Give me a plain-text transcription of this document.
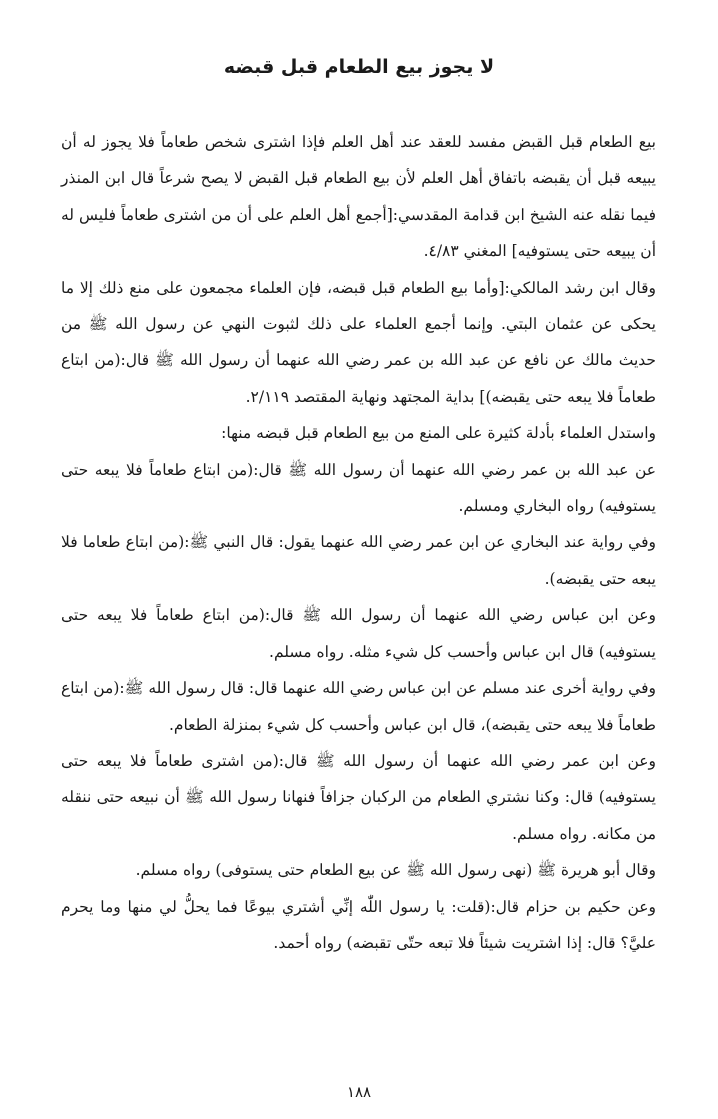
لا يجوز بيع الطعام قبل قبضه

بيع الطعام قبل القبض مفسد للعقد عند أهل العلم فإذا اشترى شخص طعاماً فلا يجوز له أن يبيعه قبل أن يقبضه باتفاق أهل العلم لأن بيع الطعام قبل القبض لا يصح شرعاً قال ابن المنذر فيما نقله عنه الشيخ ابن قدامة المقدسي:[أجمع أهل العلم على أن من اشترى طعاماً فليس له أن يبيعه حتى يستوفيه] المغني ٤/٨٣.

وقال ابن رشد المالكي:[وأما بيع الطعام قبل قبضه، فإن العلماء مجمعون على منع ذلك إلا ما يحكى عن عثمان البتي. وإنما أجمع العلماء على ذلك لثبوت النهي عن رسول الله ﷺ من حديث مالك عن نافع عن عبد الله بن عمر رضي الله عنهما أن رسول الله ﷺ قال:(من ابتاع طعاماً فلا يبعه حتى يقبضه)] بداية المجتهد ونهاية المقتصد ٢/١١٩.

واستدل العلماء بأدلة كثيرة على المنع من بيع الطعام قبل قبضه منها:

عن عبد الله بن عمر رضي الله عنهما أن رسول الله ﷺ قال:(من ابتاع طعاماً فلا يبعه حتى يستوفيه) رواه البخاري ومسلم.

وفي رواية عند البخاري عن ابن عمر رضي الله عنهما يقول: قال النبي ﷺ:(من ابتاع طعاما فلا يبعه حتى يقبضه).

وعن ابن عباس رضي الله عنهما أن رسول الله ﷺ قال:(من ابتاع طعاماً فلا يبعه حتى يستوفيه) قال ابن عباس وأحسب كل شيء مثله. رواه مسلم.

وفي رواية أخرى عند مسلم عن ابن عباس رضي الله عنهما قال: قال رسول الله ﷺ:(من ابتاع طعاماً فلا يبعه حتى يقبضه)، قال ابن عباس وأحسب كل شيء بمنزلة الطعام.

وعن ابن عمر رضي الله عنهما أن رسول الله ﷺ قال:(من اشترى طعاماً فلا يبعه حتى يستوفيه) قال: وكنا نشتري الطعام من الركبان جزافاً فنهانا رسول الله ﷺ أن نبيعه حتى ننقله من مكانه. رواه مسلم.

وقال أبو هريرة ﷺ (نهى رسول الله ﷺ عن بيع الطعام حتى يستوفى) رواه مسلم.

وعن حكيم بن حزام قال:(قلت: يا رسول اللّٰه إنِّي أشتري بيوعًا فما يحلُّ لي منها وما يحرم عليَّ؟ قال: إذا اشتريت شيئاً فلا تبعه حتّى تقبضه) رواه أحمد.

١٨٨
